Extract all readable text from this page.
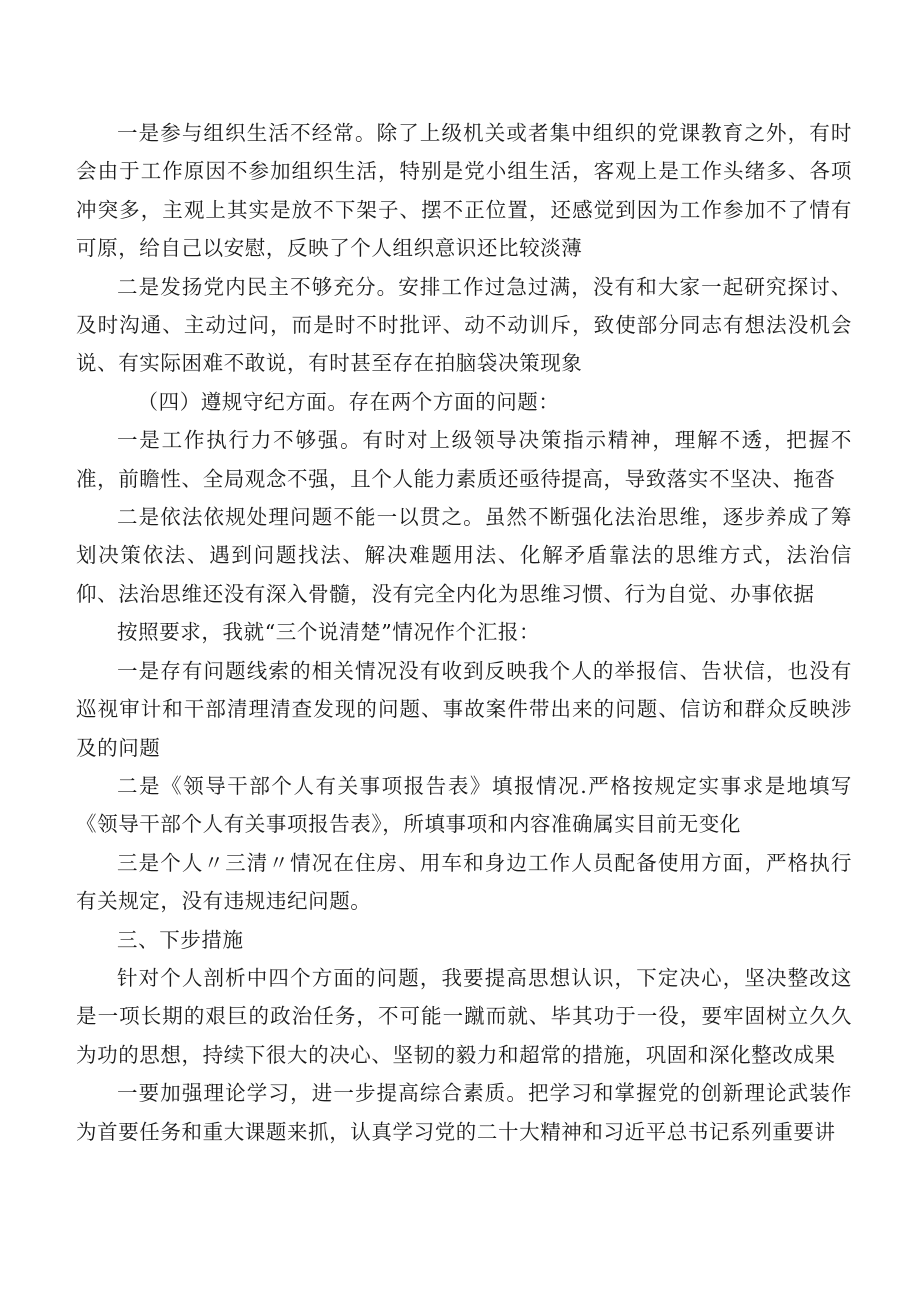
一是参与组织生活不经常。除了上级机关或者集中组织的党课教育之外，有时会由于工作原因不参加组织生活，特别是党小组生活，客观上是工作头绪多、各项冲突多，主观上其实是放不下架子、摆不正位置，还感觉到因为工作参加不了情有可原，给自己以安慰，反映了个人组织意识还比较淡薄

二是发扬党内民主不够充分。安排工作过急过满，没有和大家一起研究探讨、及时沟通、主动过问，而是时不时批评、动不动训斥，致使部分同志有想法没机会说、有实际困难不敢说，有时甚至存在拍脑袋决策现象

（四）遵规守纪方面。存在两个方面的问题：

一是工作执行力不够强。有时对上级领导决策指示精神，理解不透，把握不准，前瞻性、全局观念不强，且个人能力素质还亟待提高，导致落实不坚决、拖沓

二是依法依规处理问题不能一以贯之。虽然不断强化法治思维，逐步养成了筹划决策依法、遇到问题找法、解决难题用法、化解矛盾靠法的思维方式，法治信仰、法治思维还没有深入骨髓，没有完全内化为思维习惯、行为自觉、办事依据

按照要求，我就“三个说清楚”情况作个汇报：

一是存有问题线索的相关情况没有收到反映我个人的举报信、告状信，也没有巡视审计和干部清理清查发现的问题、事故案件带出来的问题、信访和群众反映涉及的问题

二是《领导干部个人有关事项报告表》填报情况.严格按规定实事求是地填写《领导干部个人有关事项报告表》，所填事项和内容准确属实目前无变化

三是个人〃三清〃情况在住房、用车和身边工作人员配备使用方面，严格执行有关规定，没有违规违纪问题。

三、下步措施

针对个人剖析中四个方面的问题，我要提高思想认识，下定决心，坚决整改这是一项长期的艰巨的政治任务，不可能一蹴而就、毕其功于一役，要牢固树立久久为功的思想，持续下很大的决心、坚韧的毅力和超常的措施，巩固和深化整改成果

一要加强理论学习，进一步提高综合素质。把学习和掌握党的创新理论武装作为首要任务和重大课题来抓，认真学习党的二十大精神和习近平总书记系列重要讲
